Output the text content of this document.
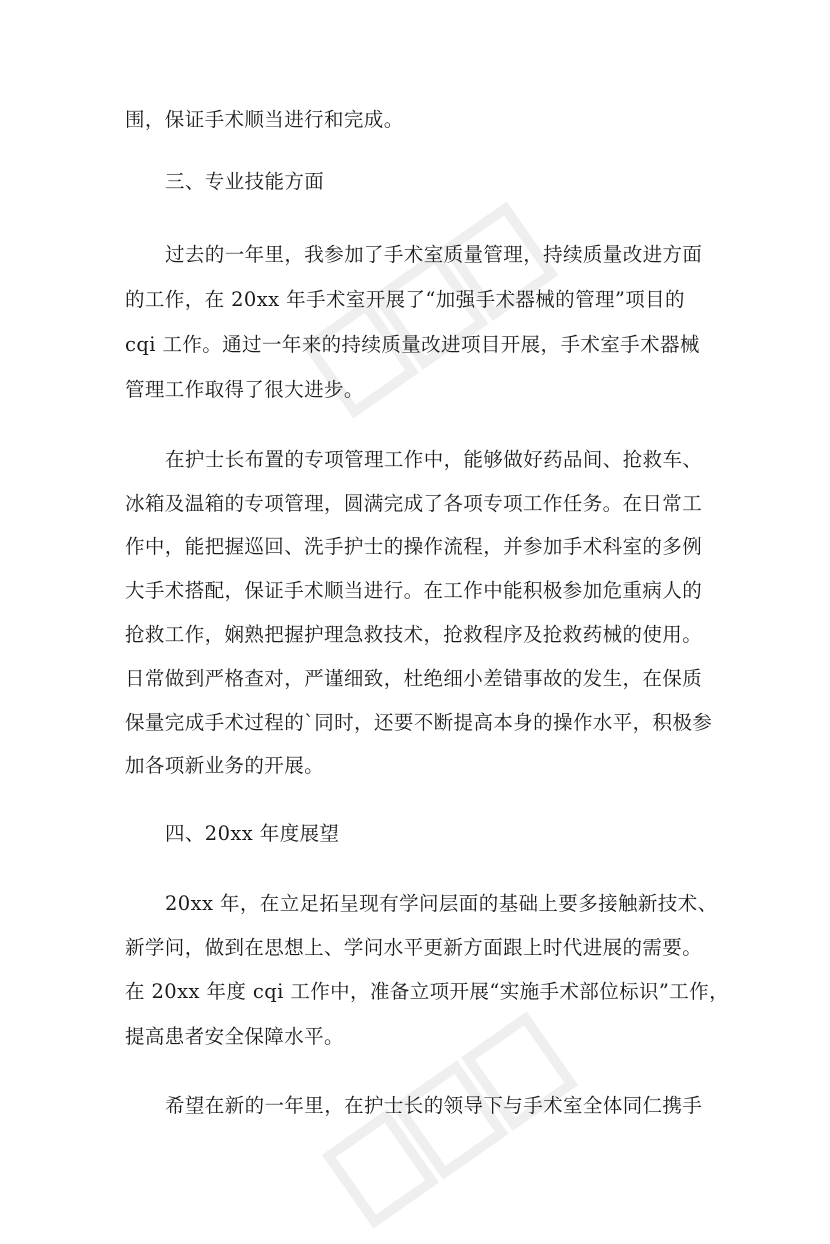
围，保证手术顺当进行和完成。
三、专业技能方面
过去的一年里，我参加了手术室质量管理，持续质量改进方面
的工作，在 20xx 年手术室开展了“加强手术器械的管理”项目的
cqi 工作。通过一年来的持续质量改进项目开展，手术室手术器械
管理工作取得了很大进步。
在护士长布置的专项管理工作中，能够做好药品间、抢救车、
冰箱及温箱的专项管理，圆满完成了各项专项工作任务。在日常工
作中，能把握巡回、洗手护士的操作流程，并参加手术科室的多例
大手术搭配，保证手术顺当进行。在工作中能积极参加危重病人的
抢救工作，娴熟把握护理急救技术，抢救程序及抢救药械的使用。
日常做到严格查对，严谨细致，杜绝细小差错事故的发生，在保质
保量完成手术过程的`同时，还要不断提高本身的操作水平，积极参
加各项新业务的开展。
四、20xx 年度展望
20xx 年，在立足拓呈现有学问层面的基础上要多接触新技术、
新学问，做到在思想上、学问水平更新方面跟上时代进展的需要。
在 20xx 年度 cqi 工作中，准备立项开展“实施手术部位标识”工作，
提高患者安全保障水平。
希望在新的一年里，在护士长的领导下与手术室全体同仁携手
